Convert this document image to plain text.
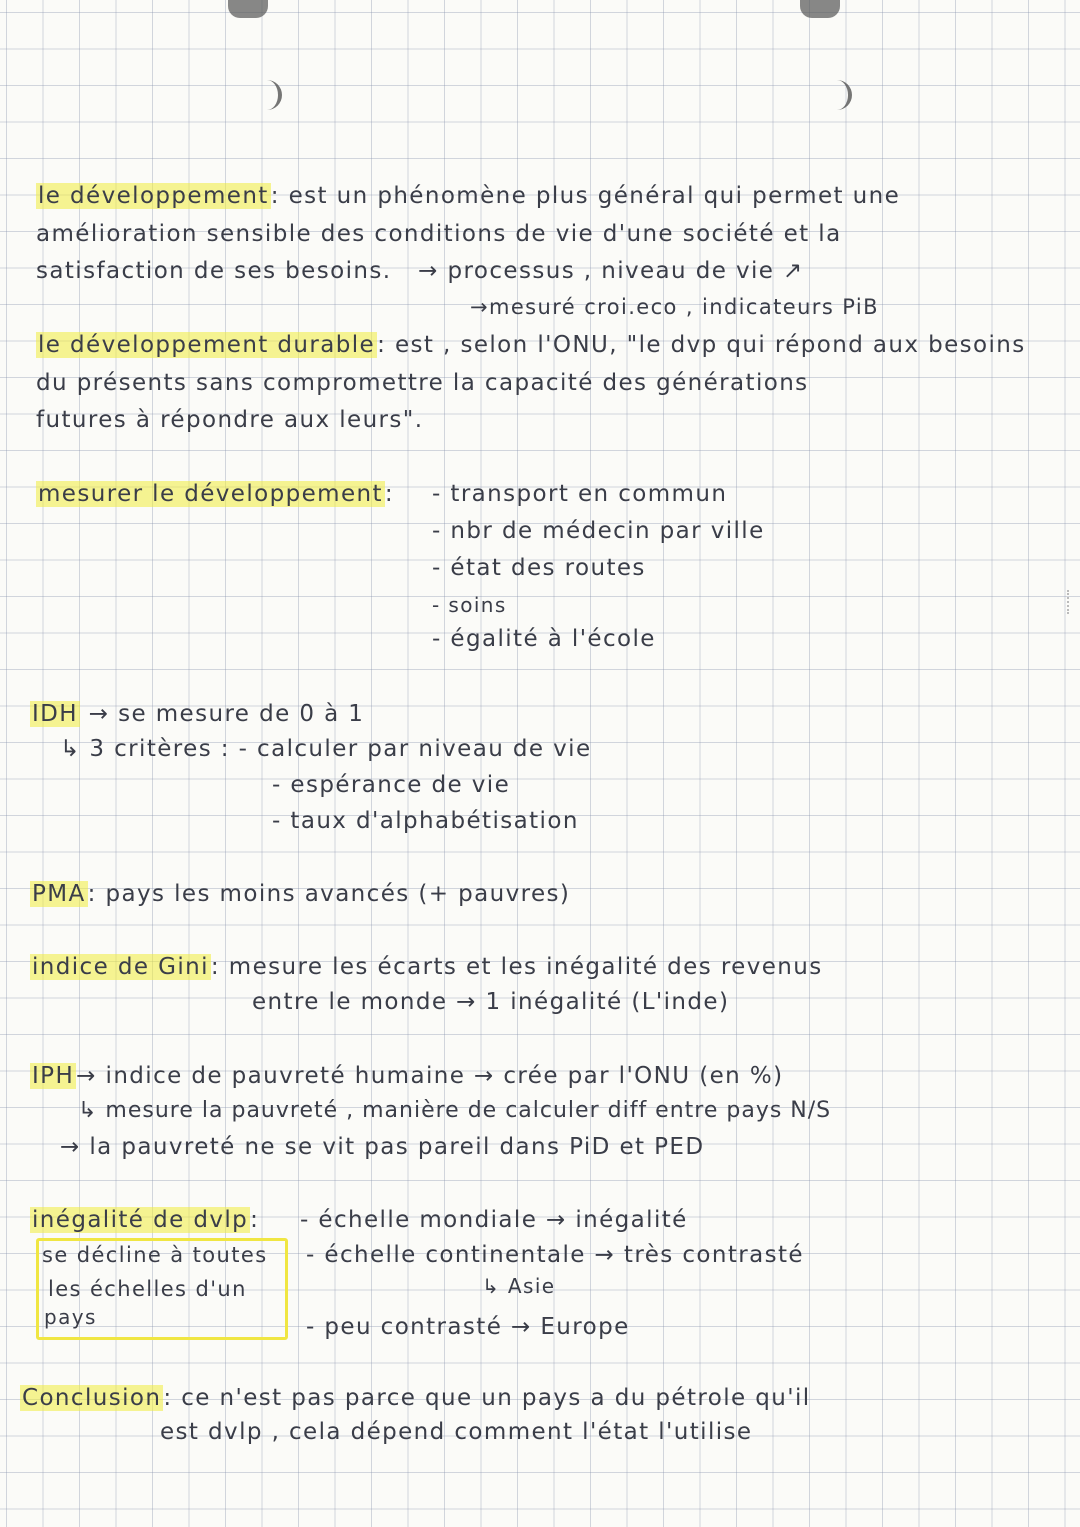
le développement: est un phénomène plus général qui permet une
amélioration sensible des conditions de vie d'une société et la
satisfaction de ses besoins. → processus , niveau de vie ↗
→mesuré croi.eco , indicateurs PiB
le développement durable: est , selon l'ONU, "le dvp qui répond aux besoins
du présents sans compromettre la capacité des générations
futures à répondre aux leurs".
mesurer le développement: - transport en commun
- nbr de médecin par ville
- état des routes
- soins
- égalité à l'école
IDH → se mesure de 0 à 1
↳ 3 critères : - calculer par niveau de vie
- espérance de vie
- taux d'alphabétisation
PMA: pays les moins avancés (+ pauvres)
indice de Gini: mesure les écarts et les inégalité des revenus
entre le monde → 1 inégalité (L'inde)
IPH→ indice de pauvreté humaine → crée par l'ONU (en %)
↳ mesure la pauvreté , manière de calculer diff entre pays N/S
→ la pauvreté ne se vit pas pareil dans PiD et PED
inégalité de dvlp:
se décline à toutes
les échelles d'un
pays
- échelle mondiale → inégalité
- échelle continentale → très contrasté
↳ Asie
- peu contrasté → Europe
Conclusion: ce n'est pas parce que un pays a du pétrole qu'il
est dvlp , cela dépend comment l'état l'utilise
